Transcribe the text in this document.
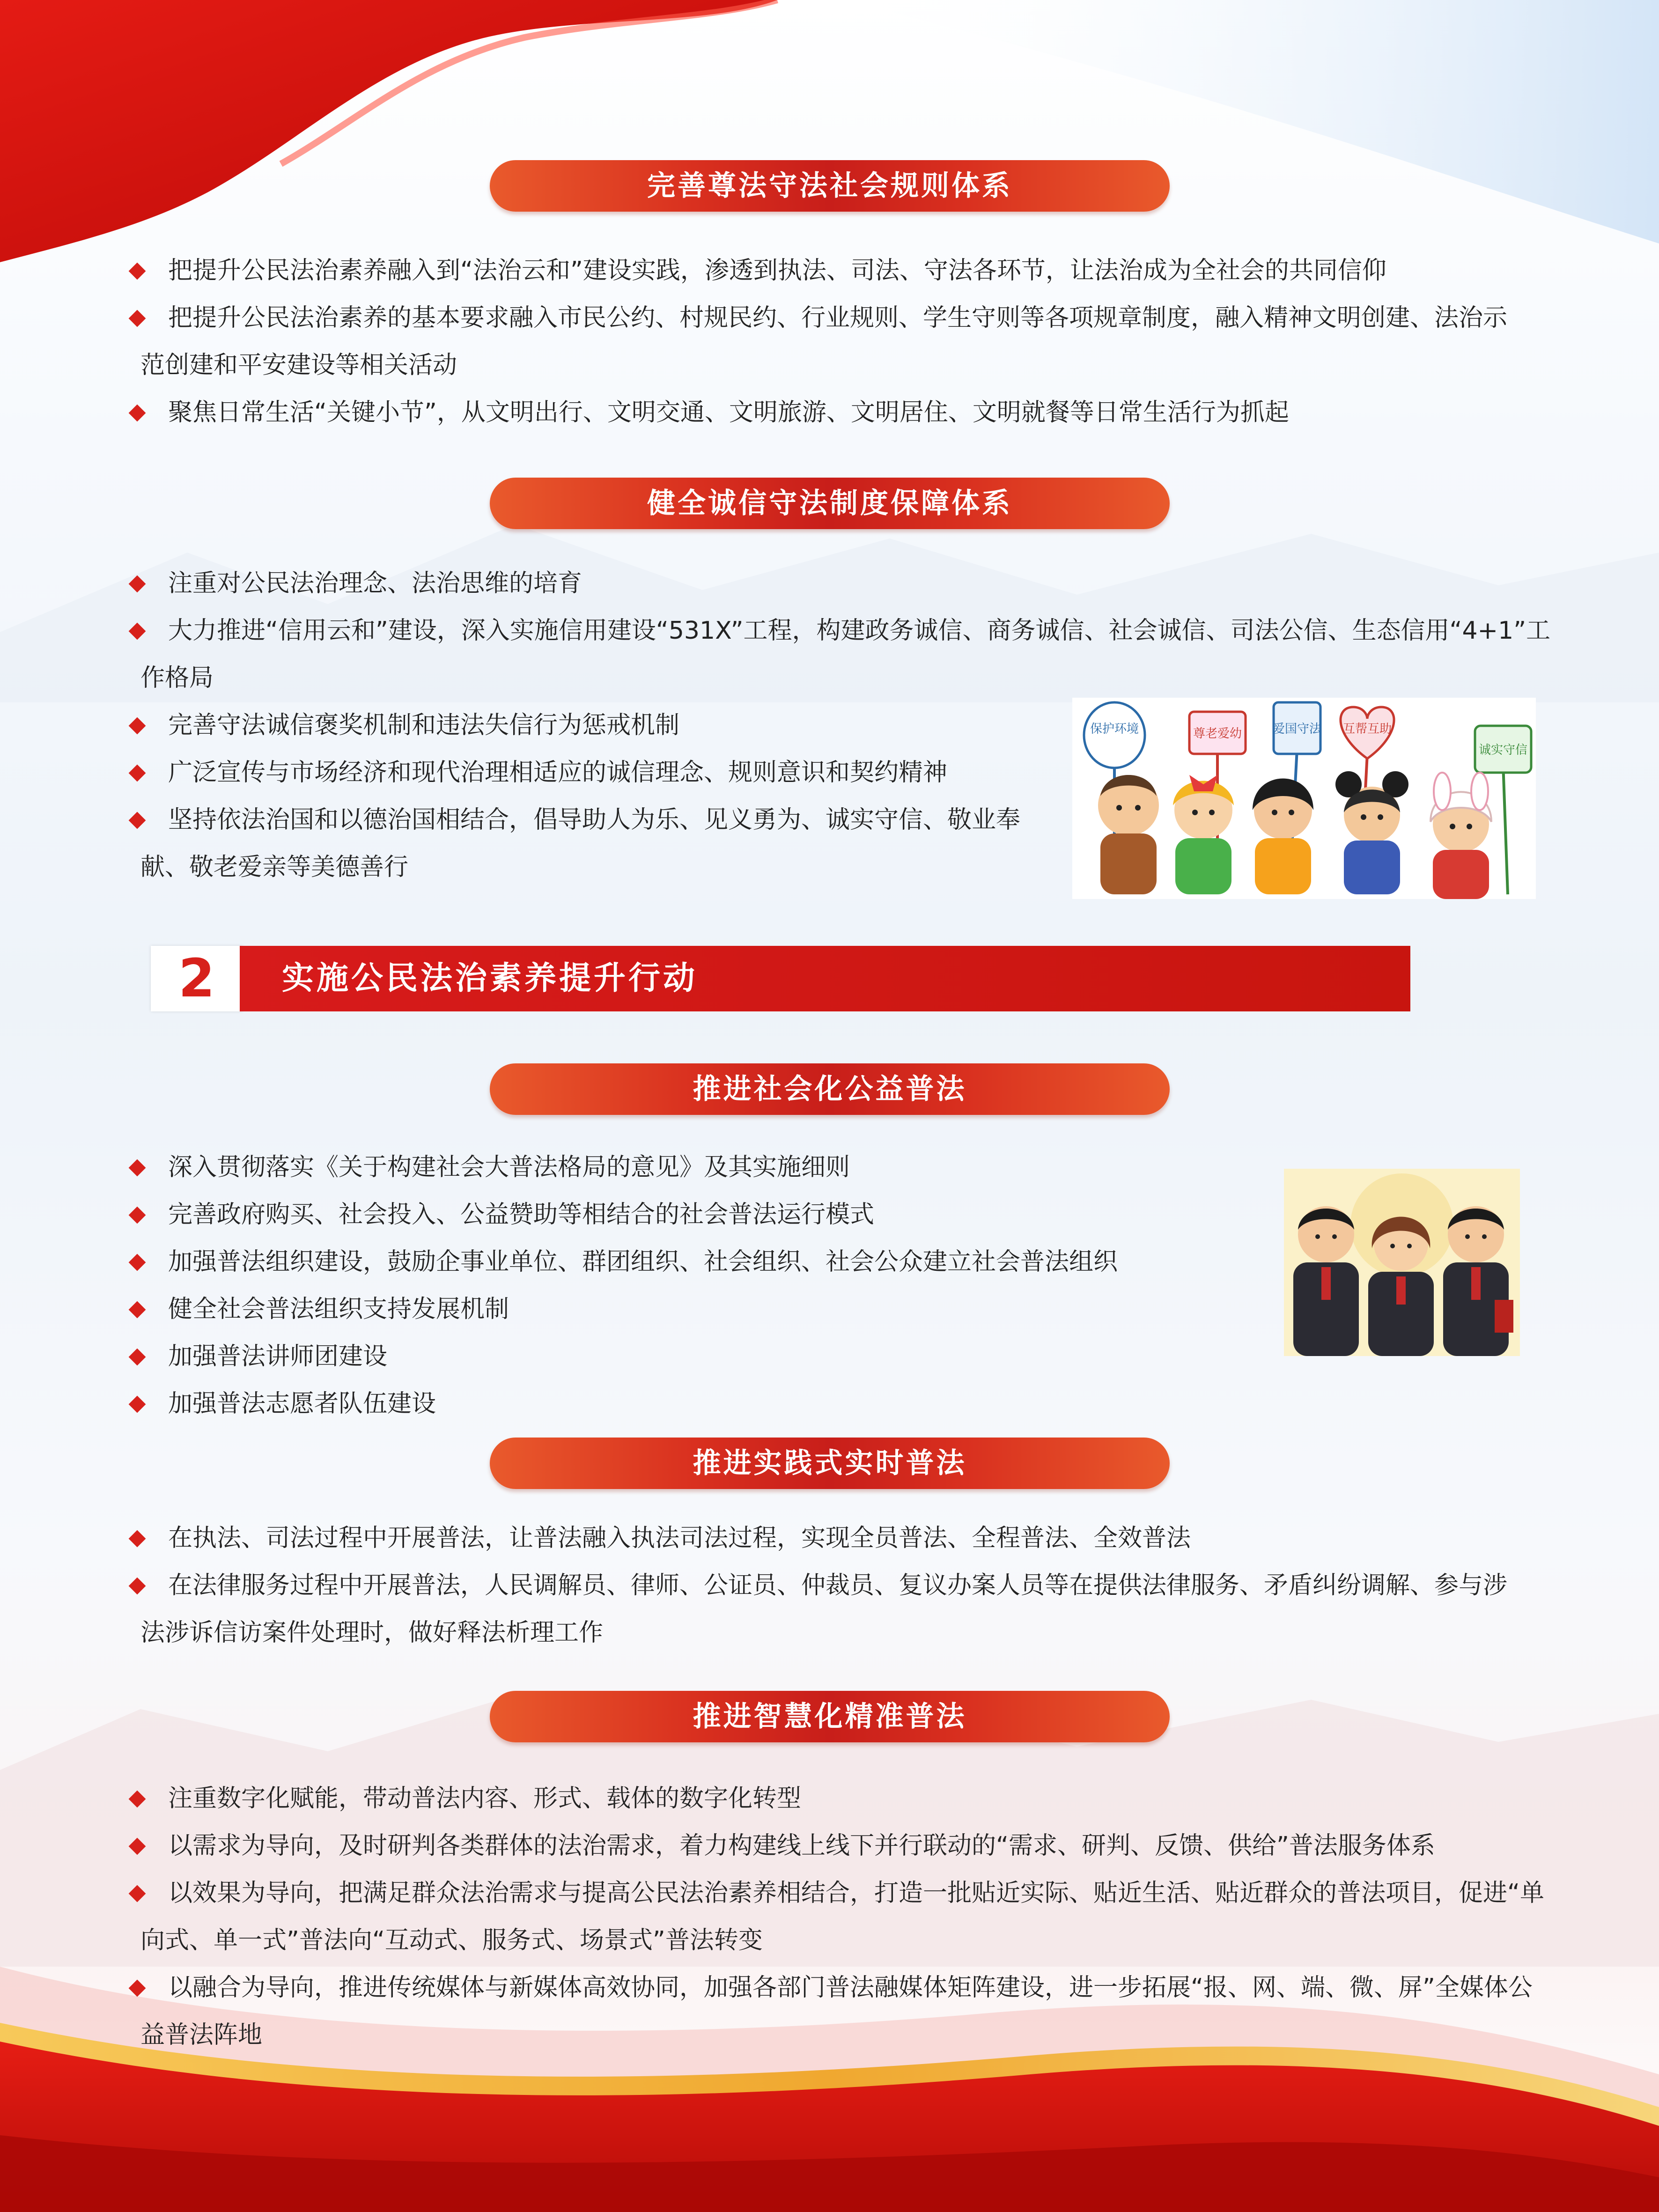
完善尊法守法社会规则体系
把提升公民法治素养融入到“法治云和”建设实践，渗透到执法、司法、守法各环节，让法治成为全社会的共同信仰
把提升公民法治素养的基本要求融入市民公约、村规民约、行业规则、学生守则等各项规章制度，融入精神文明创建、法治示范创建和平安建设等相关活动
聚焦日常生活“关键小节”，从文明出行、文明交通、文明旅游、文明居住、文明就餐等日常生活行为抓起
健全诚信守法制度保障体系
注重对公民法治理念、法治思维的培育
大力推进“信用云和”建设，深入实施信用建设“531X”工程，构建政务诚信、商务诚信、社会诚信、司法公信、生态信用“4+1”工作格局
完善守法诚信褒奖机制和违法失信行为惩戒机制
广泛宣传与市场经济和现代治理相适应的诚信理念、规则意识和契约精神
坚持依法治国和以德治国相结合，倡导助人为乐、见义勇为、诚实守信、敬业奉献、敬老爱亲等美德善行
保护环境	尊老爱幼	爱国守法 互帮互助
诚实守信
2	实施公民法治素养提升行动
推进社会化公益普法
深入贯彻落实《关于构建社会大普法格局的意见》及其实施细则
完善政府购买、社会投入、公益赞助等相结合的社会普法运行模式
加强普法组织建设，鼓励企事业单位、群团组织、社会组织、社会公众建立社会普法组织
健全社会普法组织支持发展机制
加强普法讲师团建设
加强普法志愿者队伍建设
推进实践式实时普法
在执法、司法过程中开展普法，让普法融入执法司法过程，实现全员普法、全程普法、全效普法
在法律服务过程中开展普法，人民调解员、律师、公证员、仲裁员、复议办案人员等在提供法律服务、矛盾纠纷调解、参与涉法涉诉信访案件处理时，做好释法析理工作
推进智慧化精准普法
注重数字化赋能，带动普法内容、形式、载体的数字化转型
以需求为导向，及时研判各类群体的法治需求，着力构建线上线下并行联动的“需求、研判、反馈、供给”普法服务体系
以效果为导向，把满足群众法治需求与提高公民法治素养相结合，打造一批贴近实际、贴近生活、贴近群众的普法项目，促进“单向式、单一式”普法向“互动式、服务式、场景式”普法转变
以融合为导向，推进传统媒体与新媒体高效协同，加强各部门普法融媒体矩阵建设，进一步拓展“报、网、端、微、屏”全媒体公益普法阵地
